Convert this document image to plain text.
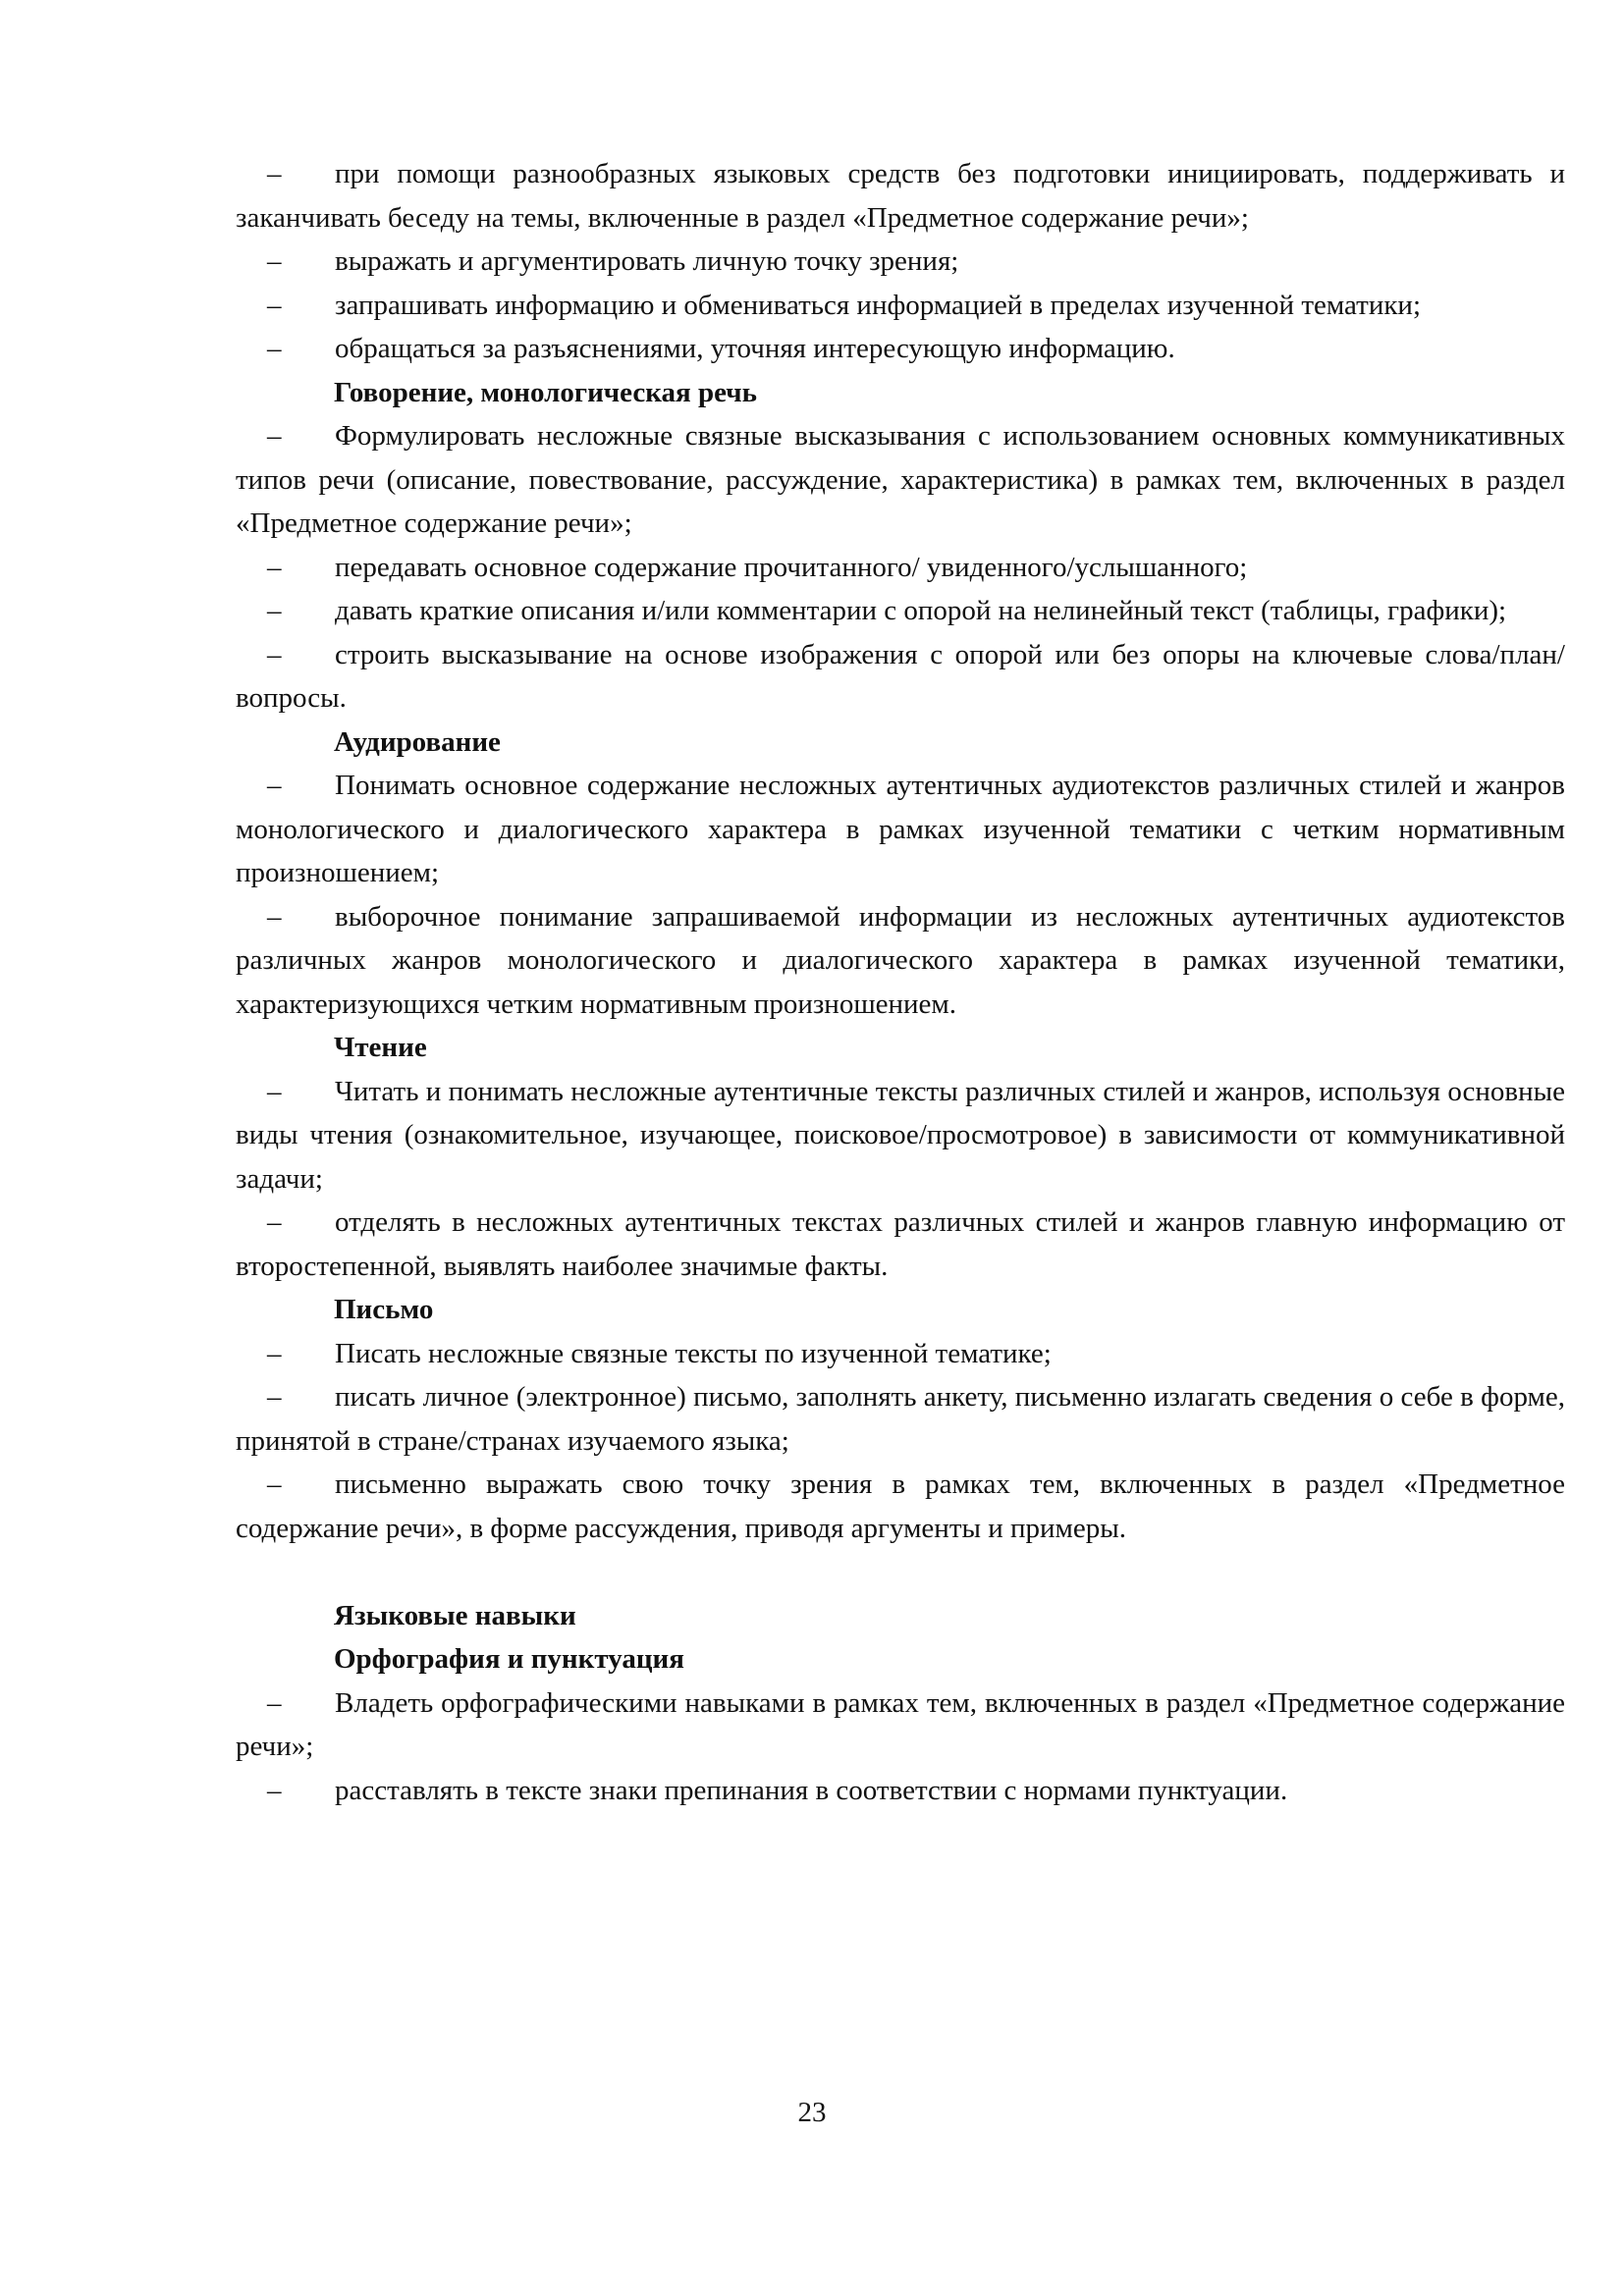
– при помощи разнообразных языковых средств без подготовки инициировать, поддерживать и заканчивать беседу на темы, включенные в раздел «Предметное содержание речи»;

– выражать и аргументировать личную точку зрения;

– запрашивать информацию и обмениваться информацией в пределах изученной тематики;

– обращаться за разъяснениями, уточняя интересующую информацию.

Говорение, монологическая речь

– Формулировать несложные связные высказывания с использованием основных коммуникативных типов речи (описание, повествование, рассуждение, характеристика) в рамках тем, включенных в раздел «Предметное содержание речи»;

– передавать основное содержание прочитанного/ увиденного/услышанного;

– давать краткие описания и/или комментарии с опорой на нелинейный текст (таблицы, графики);

– строить высказывание на основе изображения с опорой или без опоры на ключевые слова/план/вопросы.

Аудирование

– Понимать основное содержание несложных аутентичных аудиотекстов различных стилей и жанров монологического и диалогического характера в рамках изученной тематики с четким нормативным произношением;

– выборочное понимание запрашиваемой информации из несложных аутентичных аудиотекстов различных жанров монологического и диалогического характера в рамках изученной тематики, характеризующихся четким нормативным произношением.

Чтение

– Читать и понимать несложные аутентичные тексты различных стилей и жанров, используя основные виды чтения (ознакомительное, изучающее, поисковое/просмотровое) в зависимости от коммуникативной задачи;

– отделять в несложных аутентичных текстах различных стилей и жанров главную информацию от второстепенной, выявлять наиболее значимые факты.

Письмо

– Писать несложные связные тексты по изученной тематике;

– писать личное (электронное) письмо, заполнять анкету, письменно излагать сведения о себе в форме, принятой в стране/странах изучаемого языка;

– письменно выражать свою точку зрения в рамках тем, включенных в раздел «Предметное содержание речи», в форме рассуждения, приводя аргументы и примеры.

Языковые навыки

Орфография и пунктуация

– Владеть орфографическими навыками в рамках тем, включенных в раздел «Предметное содержание речи»;

– расставлять в тексте знаки препинания в соответствии с нормами пунктуации.

23
